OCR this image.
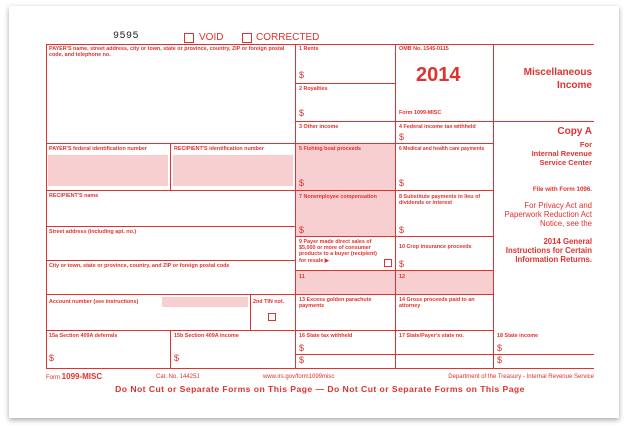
9595	VOID	CORRECTED
PAYER'S name, street address, city or town, state or province, country, ZIP or foreign postal code, and telephone no.
PAYER'S federal identification number	RECIPIENT'S identification number
RECIPIENT'S name
Street address (including apt. no.)
City or town, state or province, country, and ZIP or foreign postal code
Account number (see instructions)	2nd TIN not.
15a Section 409A deferrals
$
15b Section 409A income
$
1 Rents
$
2 Royalties
$
3 Other income
5 Fishing boat proceeds
$
7 Nonemployee compensation
$
9 Payer made direct sales of $5,000 or more of consumer products to a buyer (recipient) for resale ▶
11
13 Excess golden parachute payments
16 State tax withheld
$
$
OMB No. 1545-0115
2014
Form 1099-MISC
4 Federal income tax withheld
$
6 Medical and health care payments
$
8 Substitute payments in lieu of dividends or interest
$
10 Crop insurance proceeds
$
12
14 Gross proceeds paid to an attorney
17 State/Payer's state no.
Miscellaneous
Income
Copy A
For
Internal Revenue
Service Center
File with Form 1096.
For Privacy Act and Paperwork Reduction Act Notice, see the
2014 General Instructions for Certain Information Returns.
18 State income
$
$
Form 1099-MISC	Cat. No. 14425J	www.irs.gov/form1099misc	Department of the Treasury - Internal Revenue Service
Do Not Cut or Separate Forms on This Page — Do Not Cut or Separate Forms on This Page
